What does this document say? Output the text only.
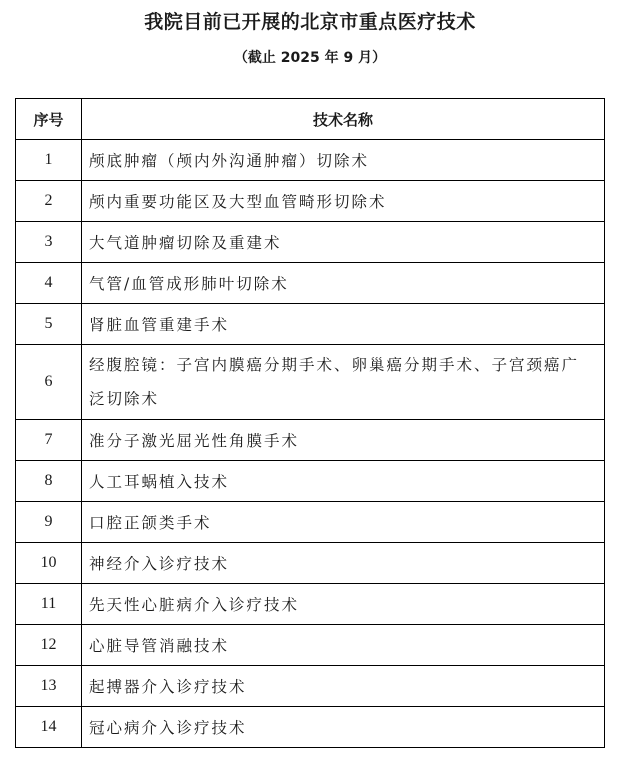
我院目前已开展的北京市重点医疗技术
（截止 2025 年 9 月）
序号	技术名称
1	颅底肿瘤（颅内外沟通肿瘤）切除术
2	颅内重要功能区及大型血管畸形切除术
3	大气道肿瘤切除及重建术
4	气管/血管成形肺叶切除术
5	肾脏血管重建手术
6	经腹腔镜：子宫内膜癌分期手术、卵巢癌分期手术、子宫颈癌广泛切除术
7	准分子激光屈光性角膜手术
8	人工耳蜗植入技术
9	口腔正颌类手术
10	神经介入诊疗技术
11	先天性心脏病介入诊疗技术
12	心脏导管消融技术
13	起搏器介入诊疗技术
14	冠心病介入诊疗技术
